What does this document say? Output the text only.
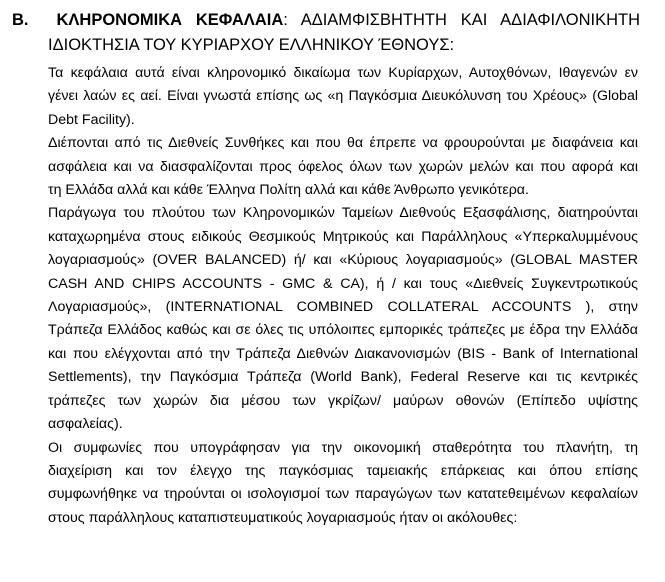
B. ΚΛΗΡΟΝΟΜΙΚΑ ΚΕΦΑΛΑΙΑ: ΑΔΙΑΜΦΙΣΒΗΤΗΤΗ ΚΑΙ ΑΔΙΑΦΙΛΟΝΙΚΗΤΗ
ΙΔΙΟΚΤΗΣΙΑ ΤΟΥ ΚΥΡΙΑΡΧΟΥ ΕΛΛΗΝΙΚΟΥ ΈΘΝΟΥΣ:
Τα κεφάλαια αυτά είναι κληρονομικό δικαίωμα των Κυρίαρχων, Αυτοχθόνων, Ιθαγενών εν
γένει λαών ες αεί. Είναι γνωστά επίσης ως «η Παγκόσμια Διευκόλυνση του Χρέους» (Global
Debt Facility).
Διέπονται από τις Διεθνείς Συνθήκες και που θα έπρεπε να φρουρούνται με διαφάνεια και
ασφάλεια και να διασφαλίζονται προς όφελος όλων των χωρών μελών και που αφορά και
τη Ελλάδα αλλά και κάθε Έλληνα Πολίτη αλλά και κάθε Άνθρωπο γενικότερα.
Παράγωγα του πλούτου των Κληρονομικών Ταμείων Διεθνούς Εξασφάλισης, διατηρούνται
καταχωρημένα στους ειδικούς Θεσμικούς Μητρικούς και Παράλληλους «Υπερκαλυμμένους
λογαριασμούς» (OVER BALANCED) ή/ και «Κύριους λογαριασμούς» (GLOBAL MASTER
CASH AND CHIPS ACCOUNTS - GMC & CA), ή / και τους «Διεθνείς Συγκεντρωτικούς
Λογαριασμούς», (INTERNATIONAL COMBINED COLLATERAL ACCOUNTS ), στην
Τράπεζα Ελλάδος καθώς και σε όλες τις υπόλοιπες εμπορικές τράπεζες με έδρα την Ελλάδα
και που ελέγχονται από την Τράπεζα Διεθνών Διακανονισμών (BIS - Bank of International
Settlements), την Παγκόσμια Τράπεζα (World Bank), Federal Reserve και τις κεντρικές
τράπεζες των χωρών δια μέσου των γκρίζων/ μαύρων οθονών (Επίπεδο υψίστης
ασφαλείας).
Οι συμφωνίες που υπογράφησαν για την οικονομική σταθερότητα του πλανήτη, τη
διαχείριση και τον έλεγχο της παγκόσμιας ταμειακής επάρκειας και όπου επίσης
συμφωνήθηκε να τηρούνται οι ισολογισμοί των παραγώγων των κατατεθειμένων κεφαλαίων
στους παράλληλους καταπιστευματικούς λογαριασμούς ήταν οι ακόλουθες:
